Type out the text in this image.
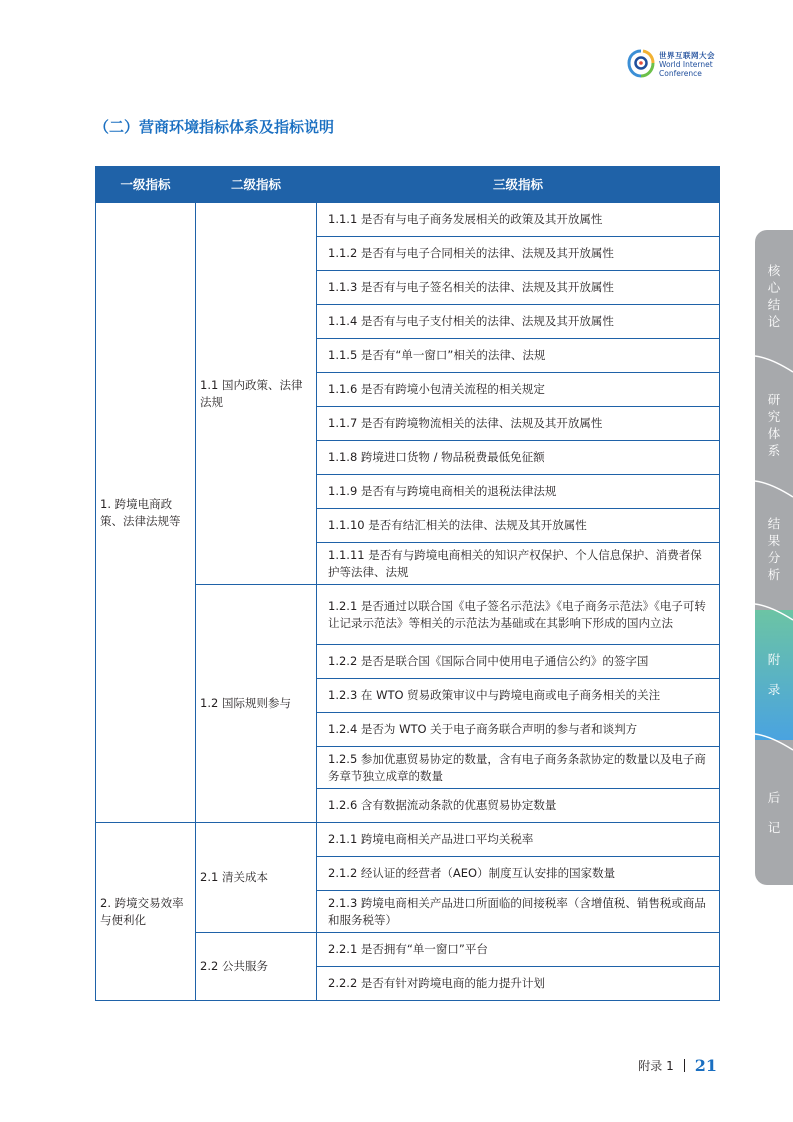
世界互联网大会
World Internet
Conference
（二）营商环境指标体系及指标说明
一级指标	二级指标	三级指标
1. 跨境电商政策、法律法规等	1.1 国内政策、法律法规	1.1.1 是否有与电子商务发展相关的政策及其开放属性
		1.1.2 是否有与电子合同相关的法律、法规及其开放属性
		1.1.3 是否有与电子签名相关的法律、法规及其开放属性
		1.1.4 是否有与电子支付相关的法律、法规及其开放属性
		1.1.5 是否有“单一窗口”相关的法律、法规
		1.1.6 是否有跨境小包清关流程的相关规定
		1.1.7 是否有跨境物流相关的法律、法规及其开放属性
		1.1.8 跨境进口货物 / 物品税费最低免征额
		1.1.9 是否有与跨境电商相关的退税法律法规
		1.1.10 是否有结汇相关的法律、法规及其开放属性
		1.1.11 是否有与跨境电商相关的知识产权保护、个人信息保护、消费者保护等法律、法规
	1.2 国际规则参与	1.2.1 是否通过以联合国《电子签名示范法》《电子商务示范法》《电子可转让记录示范法》等相关的示范法为基础或在其影响下形成的国内立法
		1.2.2 是否是联合国《国际合同中使用电子通信公约》的签字国
		1.2.3 在 WTO 贸易政策审议中与跨境电商或电子商务相关的关注
		1.2.4 是否为 WTO 关于电子商务联合声明的参与者和谈判方
		1.2.5 参加优惠贸易协定的数量，含有电子商务条款协定的数量以及电子商务章节独立成章的数量
		1.2.6 含有数据流动条款的优惠贸易协定数量
2. 跨境交易效率与便利化	2.1 清关成本	2.1.1 跨境电商相关产品进口平均关税率
		2.1.2 经认证的经营者（AEO）制度互认安排的国家数量
		2.1.3 跨境电商相关产品进口所面临的间接税率（含增值税、销售税或商品和服务税等）
	2.2 公共服务	2.2.1 是否拥有“单一窗口”平台
		2.2.2 是否有针对跨境电商的能力提升计划
核心结论
研究体系
结果分析
附录
后记
附录 1 21
